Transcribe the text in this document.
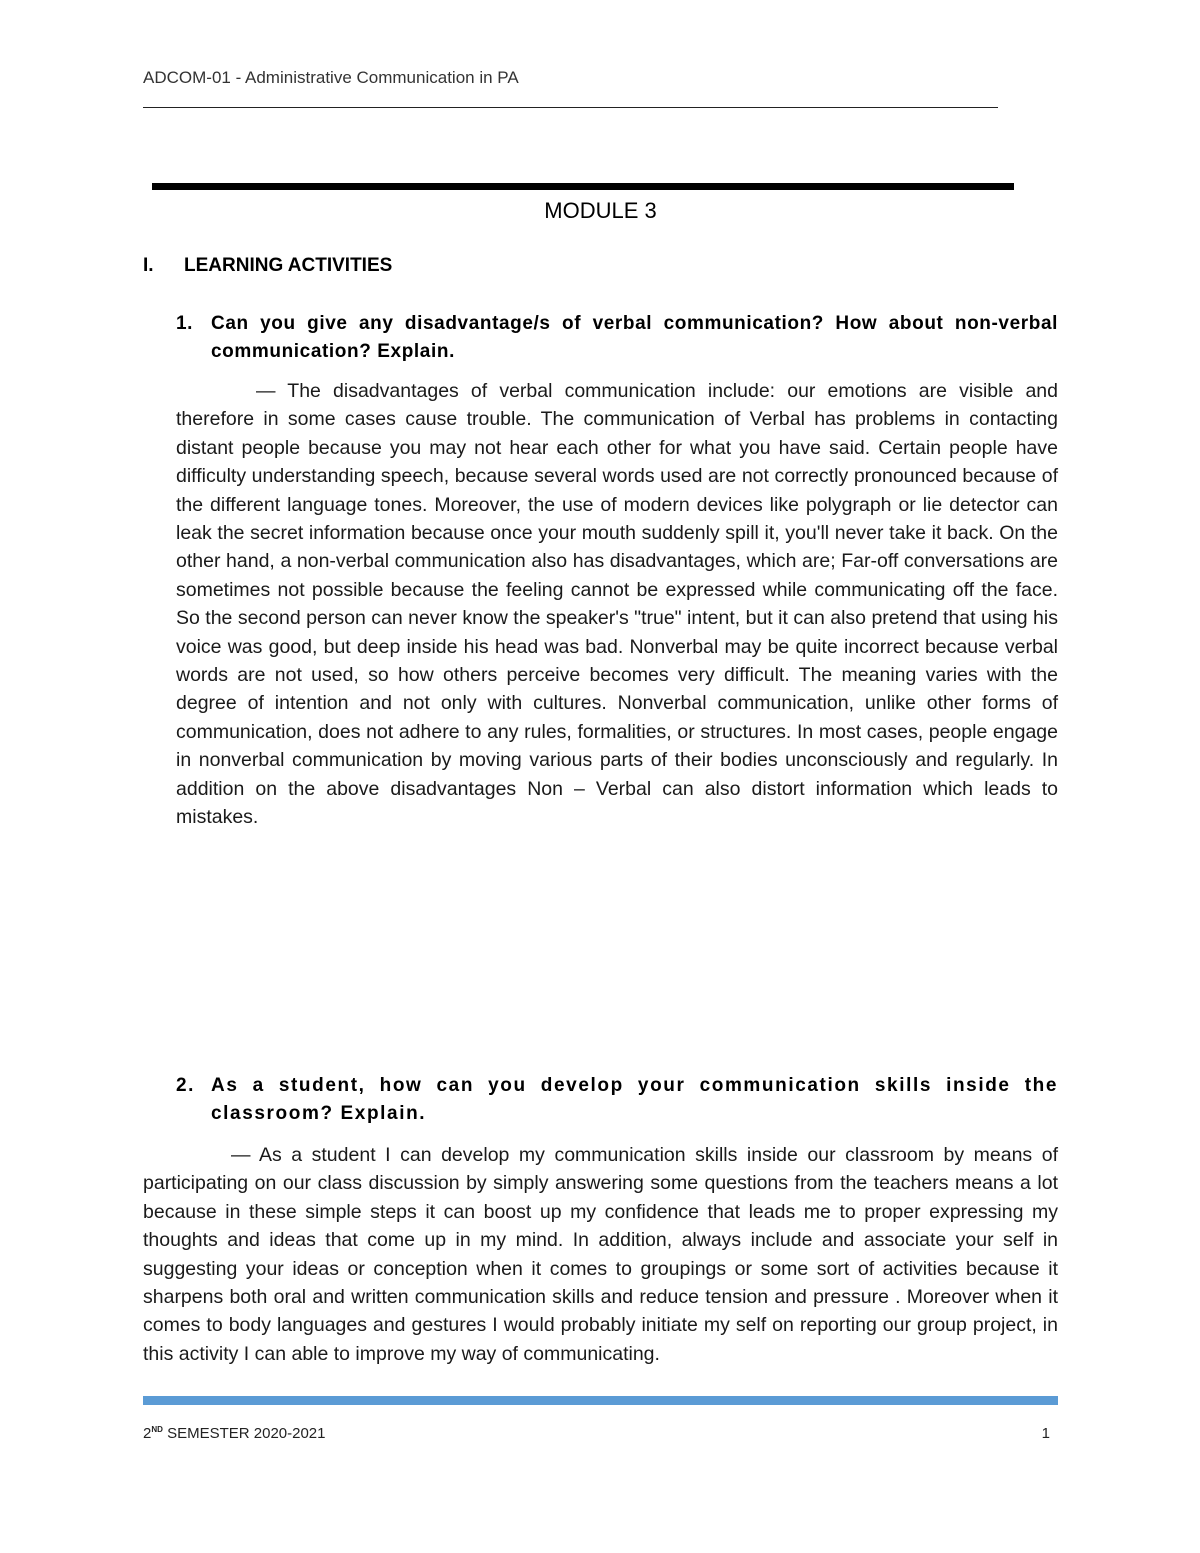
ADCOM-01 - Administrative Communication in PA
MODULE 3
I. LEARNING ACTIVITIES
1. Can you give any disadvantage/s of verbal communication? How about non-verbal communication? Explain.
— The disadvantages of verbal communication include: our emotions are visible and therefore in some cases cause trouble. The communication of Verbal has problems in contacting distant people because you may not hear each other for what you have said. Certain people have difficulty understanding speech, because several words used are not correctly pronounced because of the different language tones. Moreover, the use of modern devices like polygraph or lie detector can leak the secret information because once your mouth suddenly spill it, you'll never take it back. On the other hand, a non-verbal communication also has disadvantages, which are; Far-off conversations are sometimes not possible because the feeling cannot be expressed while communicating off the face. So the second person can never know the speaker's "true" intent, but it can also pretend that using his voice was good, but deep inside his head was bad. Nonverbal may be quite incorrect because verbal words are not used, so how others perceive becomes very difficult. The meaning varies with the degree of intention and not only with cultures. Nonverbal communication, unlike other forms of communication, does not adhere to any rules, formalities, or structures. In most cases, people engage in nonverbal communication by moving various parts of their bodies unconsciously and regularly. In addition on the above disadvantages Non – Verbal can also distort information which leads to mistakes.
2. As a student, how can you develop your communication skills inside the classroom? Explain.
— As a student I can develop my communication skills inside our classroom by means of participating on our class discussion by simply answering some questions from the teachers means a lot because in these simple steps it can boost up my confidence that leads me to proper expressing my thoughts and ideas that come up in my mind. In addition, always include and associate your self in suggesting your ideas or conception when it comes to groupings or some sort of activities because it sharpens both oral and written communication skills and reduce tension and pressure . Moreover when it comes to body languages and gestures I would probably initiate my self on reporting our group project, in this activity I can able to improve my way of communicating.
2ND SEMESTER 2020-2021	1
